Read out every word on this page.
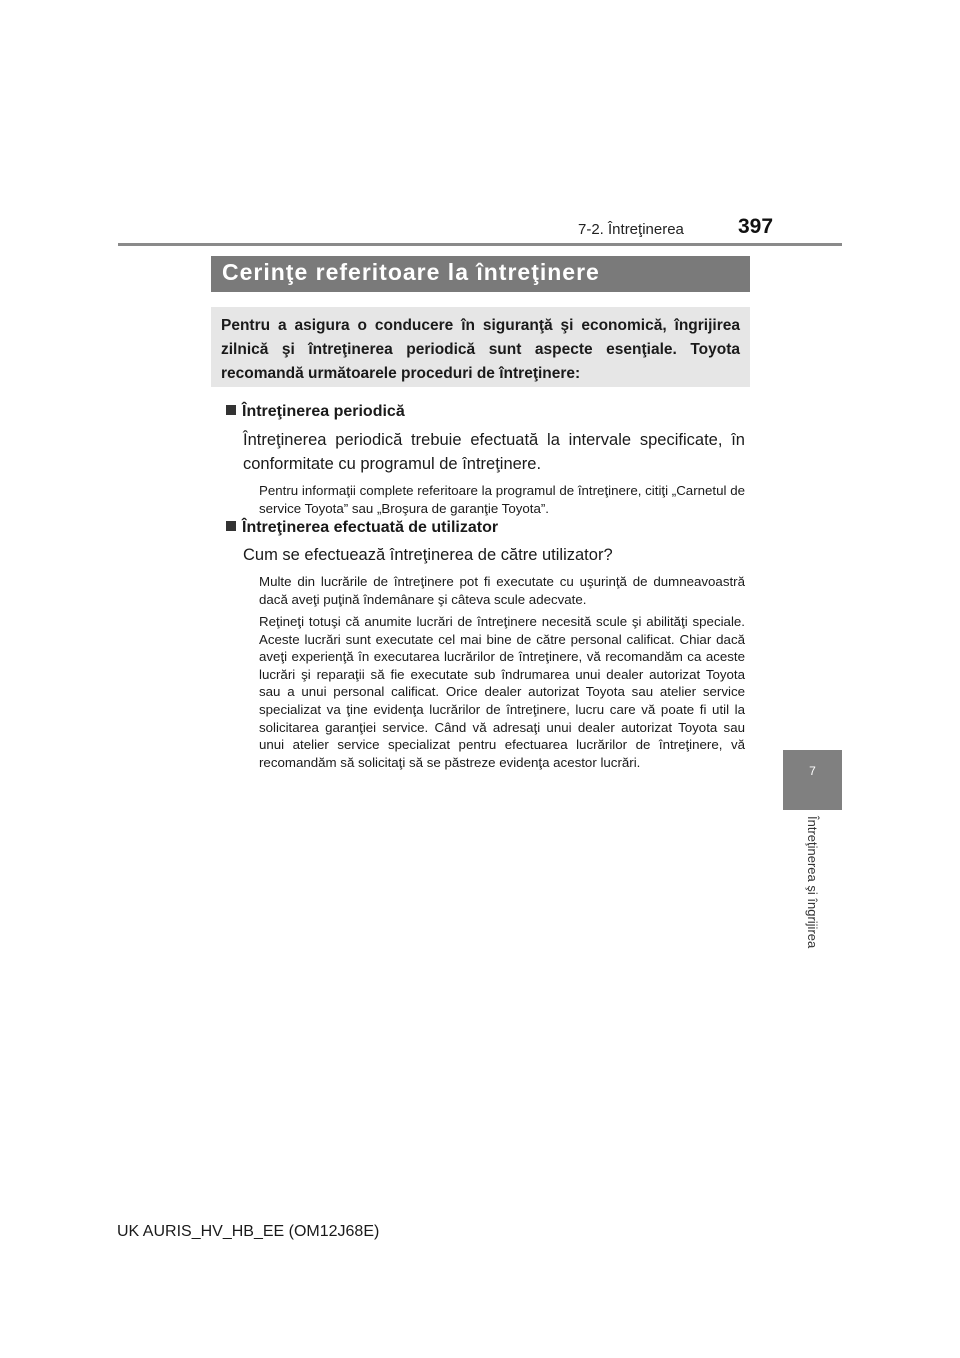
7-2. Întreţinerea	397
7
Întreţinerea şi îngrijirea
Cerinţe referitoare la întreţinere

Pentru a asigura o conducere în siguranţă şi economică, îngrijirea zilnică şi întreţinerea periodică sunt aspecte esenţiale. Toyota recomandă următoarele proceduri de întreţinere:

Întreţinerea periodică

Întreţinerea periodică trebuie efectuată la intervale specificate, în conformitate cu programul de întreţinere.

Pentru informaţii complete referitoare la programul de întreţinere, citiţi „Carnetul de service Toyota” sau „Broşura de garanţie Toyota”.

Întreţinerea efectuată de utilizator

Cum se efectuează întreţinerea de către utilizator?

Multe din lucrările de întreţinere pot fi executate cu uşurinţă de dumneavoastră dacă aveţi puţină îndemânare şi câteva scule adecvate.

Reţineţi totuşi că anumite lucrări de întreţinere necesită scule şi abilităţi speciale. Aceste lucrări sunt executate cel mai bine de către personal calificat. Chiar dacă aveţi experienţă în executarea lucrărilor de întreţinere, vă recomandăm ca aceste lucrări şi reparaţii să fie executate sub îndrumarea unui dealer autorizat Toyota sau a unui personal calificat. Orice dealer autorizat Toyota sau atelier service specializat va ţine evidenţa lucrărilor de întreţinere, lucru care vă poate fi util la solicitarea garanţiei service. Când vă adresaţi unui dealer autorizat Toyota sau unui atelier service specializat pentru efectuarea lucrărilor de întreţinere, vă recomandăm să solicitaţi să se păstreze evidenţa acestor lucrări.

UK AURIS_HV_HB_EE (OM12J68E)
